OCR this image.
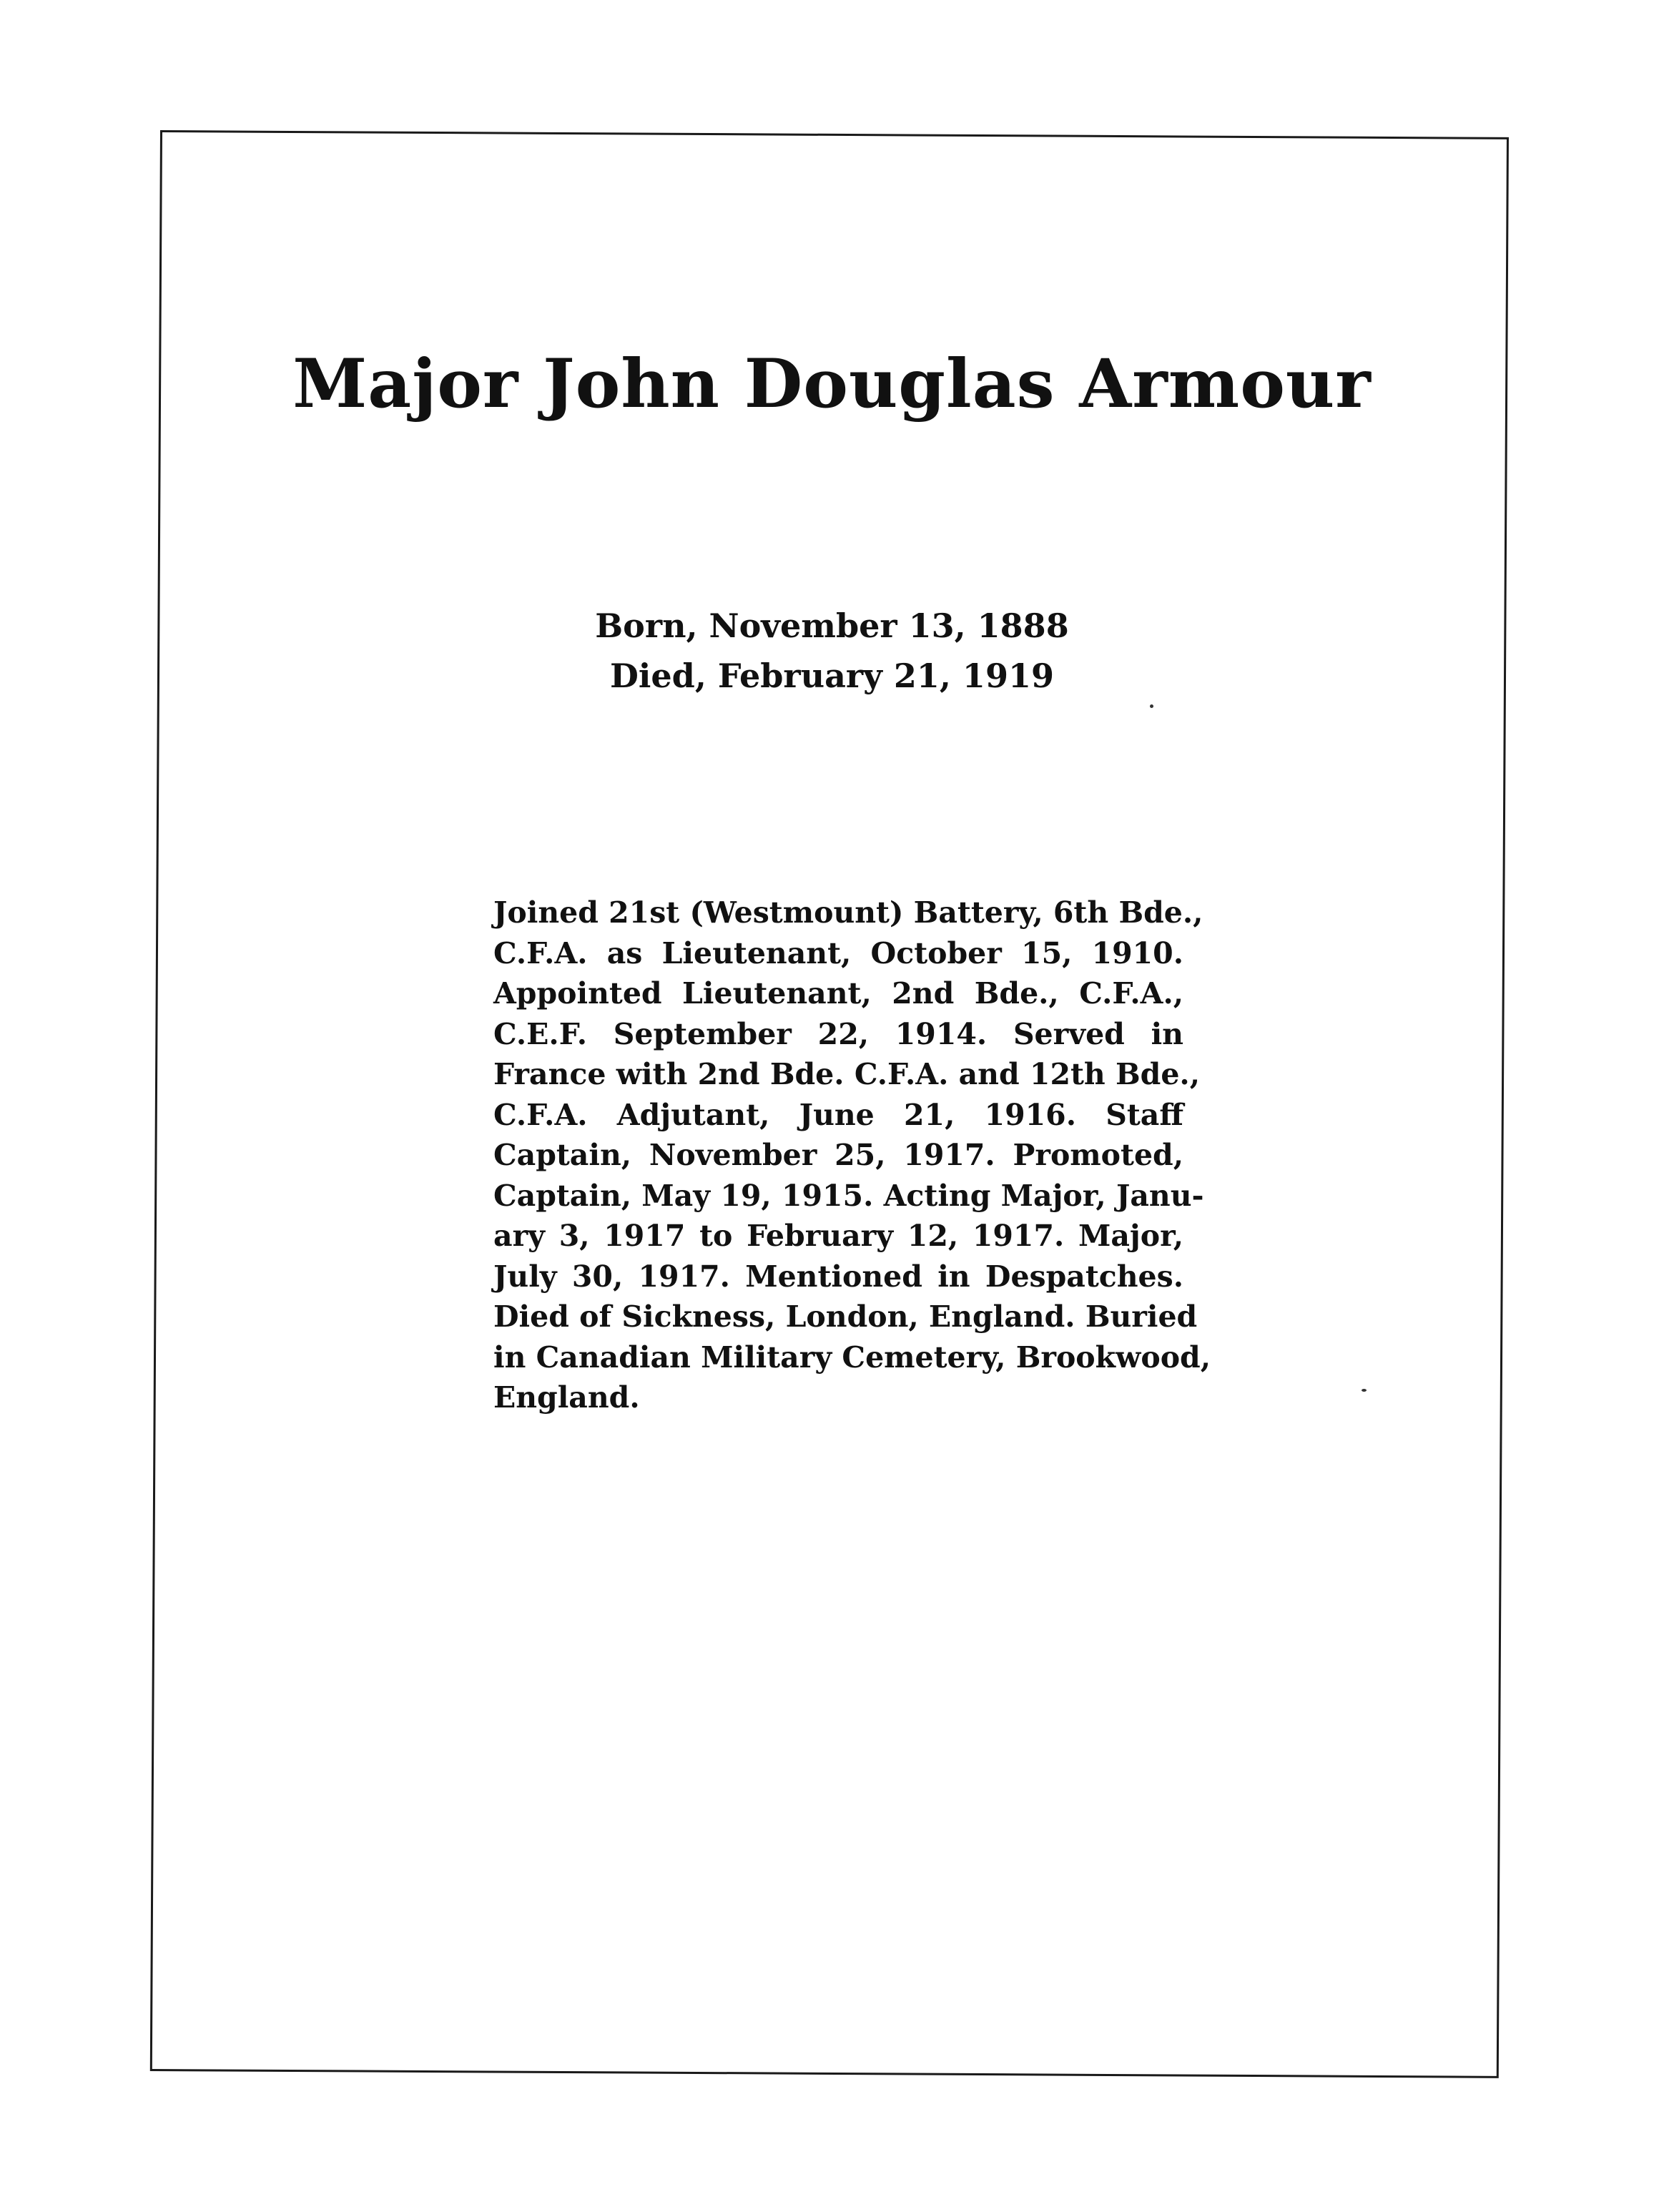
Major John Douglas Armour
Born, November 13, 1888
Died, February 21, 1919
Joined 21st (Westmount) Battery, 6th Bde.,
C.F.A. as Lieutenant, October 15, 1910.
Appointed Lieutenant, 2nd Bde., C.F.A.,
C.E.F. September 22, 1914. Served in
France with 2nd Bde. C.F.A. and 12th Bde.,
C.F.A. Adjutant, June 21, 1916. Staff
Captain, November 25, 1917. Promoted,
Captain, May 19, 1915. Acting Major, Janu-
ary 3, 1917 to February 12, 1917. Major,
July 30, 1917. Mentioned in Despatches.
Died of Sickness, London, England. Buried
in Canadian Military Cemetery, Brookwood,
England.
